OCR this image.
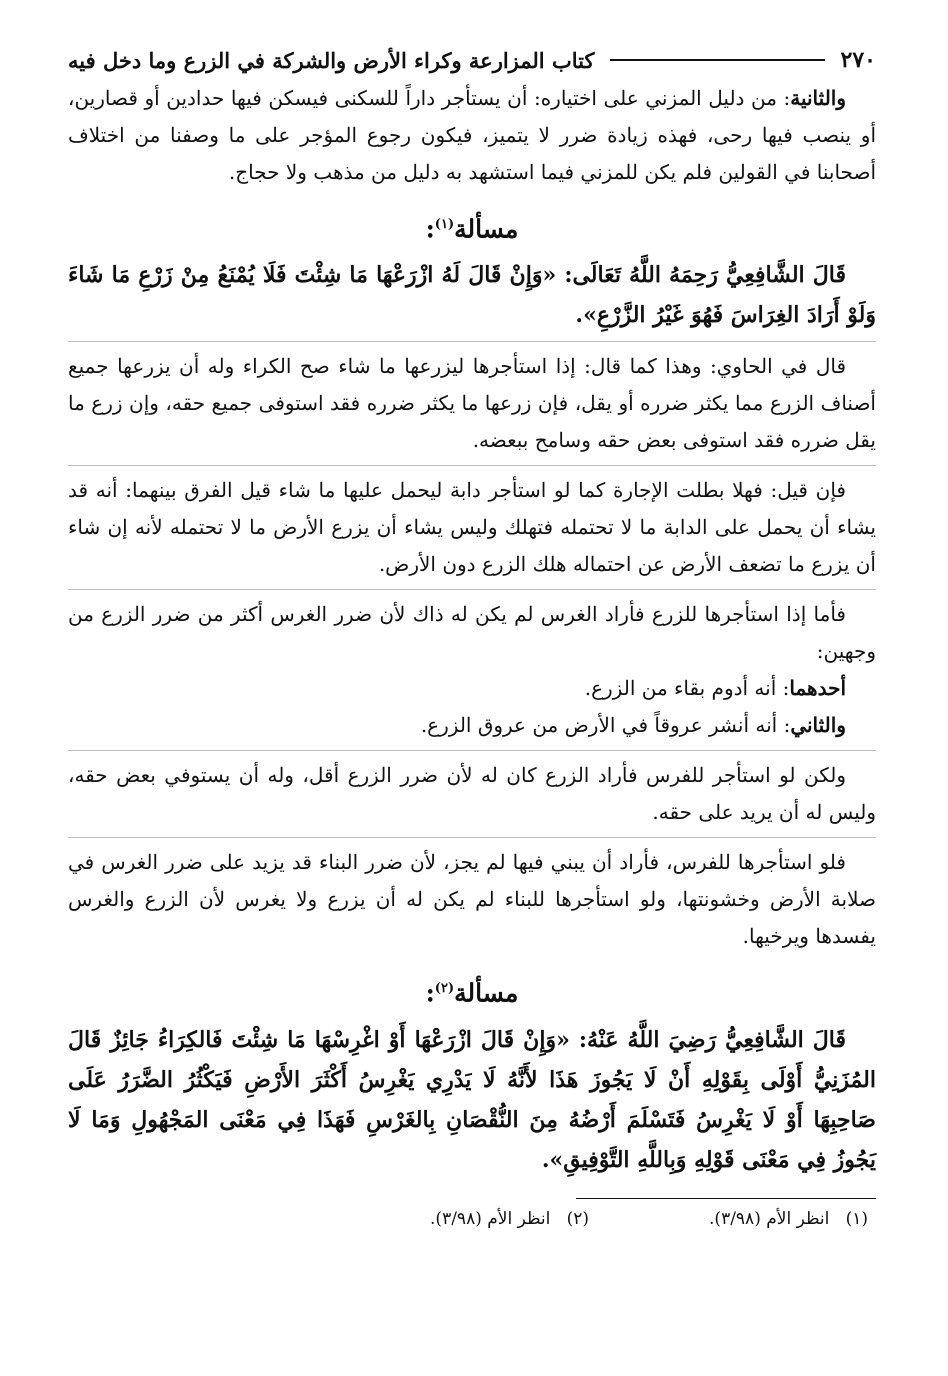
٢٧٠
كتاب المزارعة وكراء الأرض والشركة في الزرع وما دخل فيه

والثانية: من دليل المزني على اختياره: أن يستأجر داراً للسكنى فيسكن فيها حدادين أو قصارين، أو ينصب فيها رحى، فهذه زيادة ضرر لا يتميز، فيكون رجوع المؤجر على ما وصفنا من اختلاف أصحابنا في القولين فلم يكن للمزني فيما استشهد به دليل من مذهب ولا حجاج.

مسألة$^{(١)}$:

قَالَ الشَّافِعِيُّ رَحِمَهُ اللَّهُ تَعَالَى: «وَإِنْ قَالَ لَهُ ازْرَعْهَا مَا شِئْتَ فَلَا يُمْنَعُ مِنْ زَرْعِ مَا شَاءَ وَلَوْ أَرَادَ الغِرَاسَ فَهُوَ غَيْرُ الزَّرْعِ».

قال في الحاوي: وهذا كما قال: إذا استأجرها ليزرعها ما شاء صح الكراء وله أن يزرعها جميع أصناف الزرع مما يكثر ضرره أو يقل، فإن زرعها ما يكثر ضرره فقد استوفى جميع حقه، وإن زرع ما يقل ضرره فقد استوفى بعض حقه وسامح ببعضه.

فإن قيل: فهلا بطلت الإجارة كما لو استأجر دابة ليحمل عليها ما شاء قيل الفرق بينهما: أنه قد يشاء أن يحمل على الدابة ما لا تحتمله فتهلك وليس يشاء أن يزرع الأرض ما لا تحتمله لأنه إن شاء أن يزرع ما تضعف الأرض عن احتماله هلك الزرع دون الأرض.

فأما إذا استأجرها للزرع فأراد الغرس لم يكن له ذاك لأن ضرر الغرس أكثر من ضرر الزرع من وجهين:

أحدهما: أنه أدوم بقاء من الزرع.

والثاني: أنه أنشر عروقاً في الأرض من عروق الزرع.

ولكن لو استأجر للفرس فأراد الزرع كان له لأن ضرر الزرع أقل، وله أن يستوفي بعض حقه، وليس له أن يريد على حقه.

فلو استأجرها للفرس، فأراد أن يبني فيها لم يجز، لأن ضرر البناء قد يزيد على ضرر الغرس في صلابة الأرض وخشونتها، ولو استأجرها للبناء لم يكن له أن يزرع ولا يغرس لأن الزرع والغرس يفسدها ويرخيها.

مسألة$^{(٢)}$:

قَالَ الشَّافِعِيُّ رَضِيَ اللَّهُ عَنْهُ: «وَإِنْ قَالَ ازْرَعْهَا أَوْ اغْرِسْهَا مَا شِئْتَ فَالكِرَاءُ جَائِزٌ قَالَ المُزَنِيُّ أَوْلَى بِقَوْلِهِ أَنْ لَا يَجُوزَ هَذَا لأَنَّهُ لَا يَدْرِي يَغْرِسُ أَكْثَرَ الأَرْضِ فَيَكْثُرُ الضَّرَرُ عَلَى صَاحِبِهَا أَوْ لَا يَغْرِسُ فَتَسْلَمَ أَرْضُهُ مِنَ النُّقْصَانِ بِالغَرْسِ فَهَذَا فِي مَعْنَى المَجْهُولِ وَمَا لَا يَجُوزُ فِي مَعْنَى قَوْلِهِ وَبِاللَّهِ التَّوْفِيقِ».

(١)   انظر الأم (٣/٩٨).
(٢)   انظر الأم (٣/٩٨).
